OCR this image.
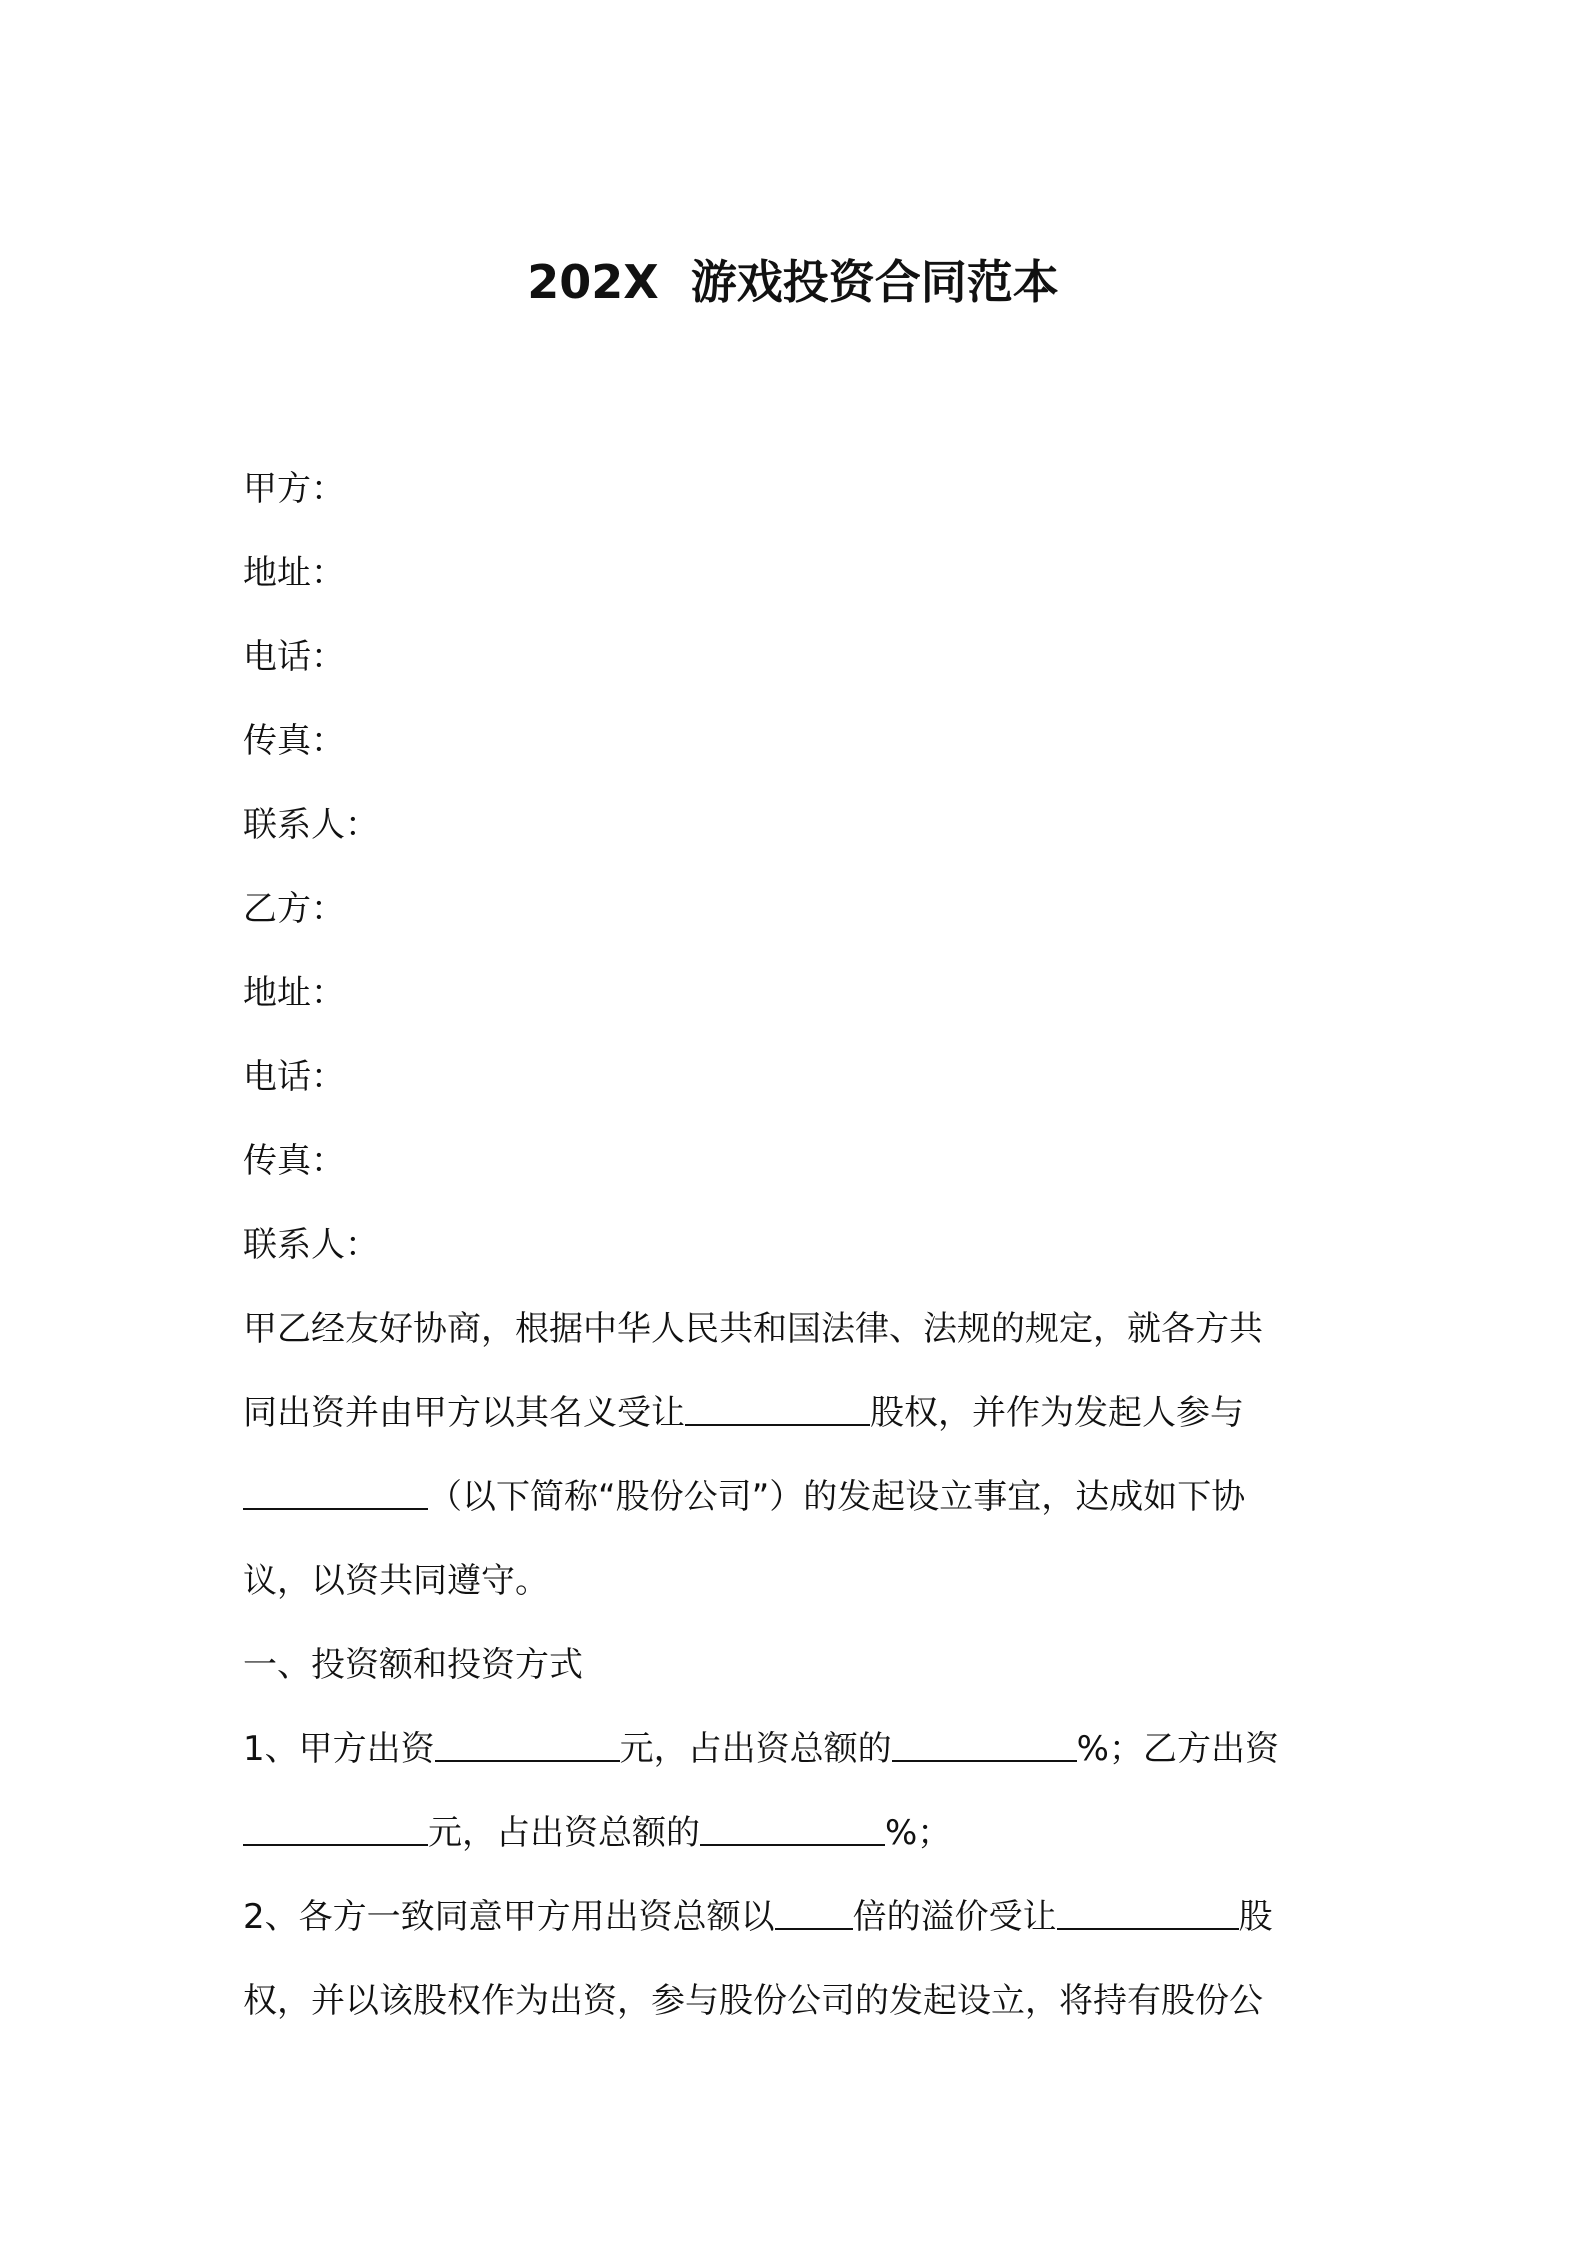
202X  游戏投资合同范本
甲方：
地址：
电话：
传真：
联系人：
乙方：
地址：
电话：
传真：
联系人：
甲乙经友好协商，根据中华人民共和国法律、法规的规定，就各方共
同出资并由甲方以其名义受让	股权，并作为发起人参与
（以下简称“股份公司”）的发起设立事宜，达成如下协
议，以资共同遵守。
一、投资额和投资方式
1、甲方出资	元，占出资总额的	%；乙方出资
元，占出资总额的	%；
2、各方一致同意甲方用出资总额以 倍的溢价受让	股
权，并以该股权作为出资，参与股份公司的发起设立，将持有股份公
